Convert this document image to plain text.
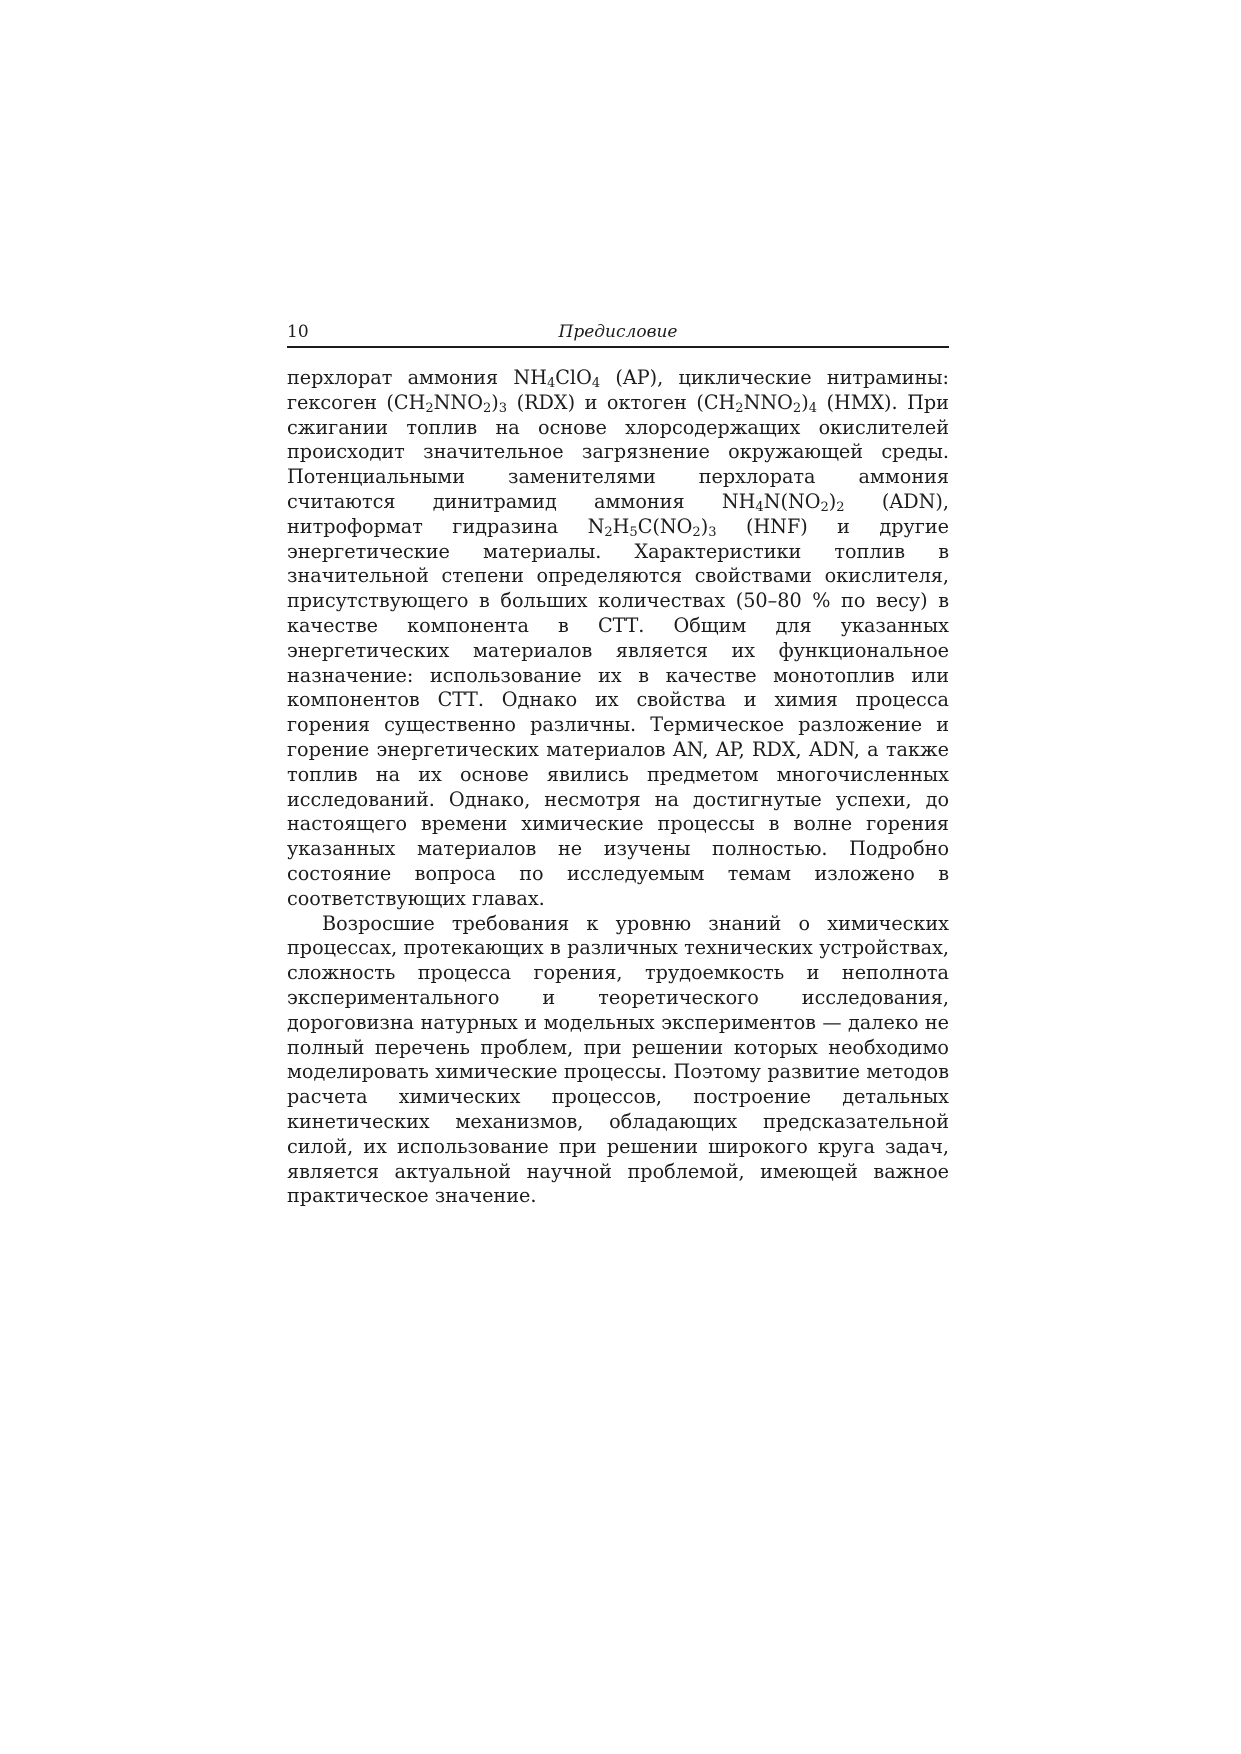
10	Предисловие

перхлорат аммония $NH_4ClO_4$ (AP), циклические нитрамины: гексоген $(CH_2NNO_2)_3$ (RDX) и октоген $(CH_2NNO_2)_4$ (HMX). При сжигании топлив на основе хлорсодержащих окислителей происходит значительное загрязнение окружающей среды. Потенциальными заменителями перхлората аммония считаются динитрамид аммония $NH_4N(NO_2)_2$ (ADN), нитроформат гидразина $N_2H_5C(NO_2)_3$ (HNF) и другие энергетические материалы. Характеристики топлив в значительной степени определяются свойствами окислителя, присутствующего в больших количествах (50–80 % по весу) в качестве компонента в СТТ. Общим для указанных энергетических материалов является их функциональное назначение: использование их в качестве монотоплив или компонентов СТТ. Однако их свойства и химия процесса горения существенно различны. Термическое разложение и горение энергетических материалов AN, AP, RDX, ADN, а также топлив на их основе явились предметом многочисленных исследований. Однако, несмотря на достигнутые успехи, до настоящего времени химические процессы в волне горения указанных материалов не изучены полностью. Подробно состояние вопроса по исследуемым темам изложено в соответствующих главах.

Возросшие требования к уровню знаний о химических процессах, протекающих в различных технических устройствах, сложность процесса горения, трудоемкость и неполнота экспериментального и теоретического исследования, дороговизна натурных и модельных экспериментов — далеко не полный перечень проблем, при решении которых необходимо моделировать химические процессы. Поэтому развитие методов расчета химических процессов, построение детальных кинетических механизмов, обладающих предсказательной силой, их использование при решении широкого круга задач, является актуальной научной проблемой, имеющей важное практическое значение.
